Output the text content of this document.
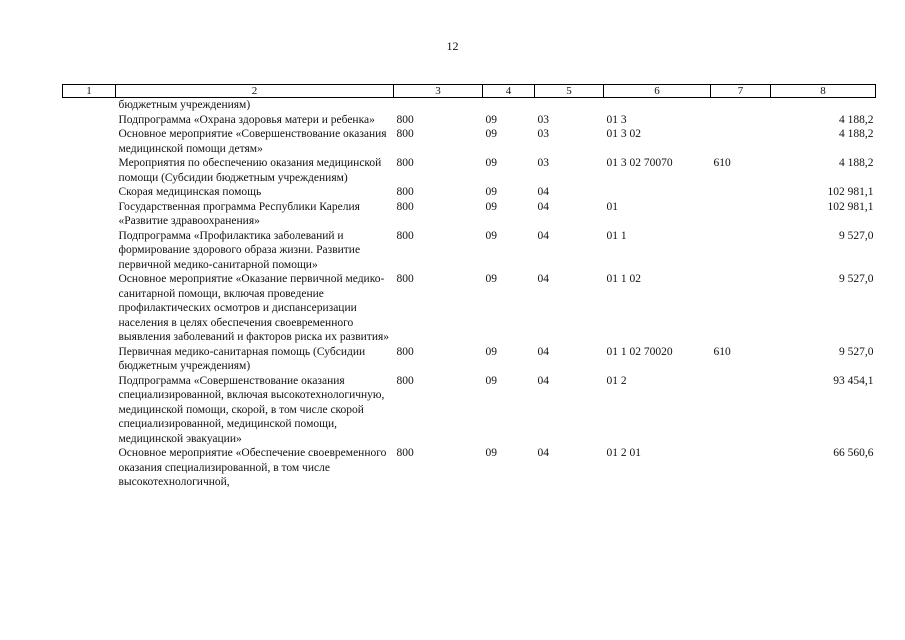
12
1	2	3	4	5	6	7	8
	бюджетным учреждениям)						
	Подпрограмма «Охрана здоровья матери и ребенка»	800	09	03	01 3		4 188,2
	Основное мероприятие «Совершенствование оказания медицинской помощи детям»	800	09	03	01 3 02		4 188,2
	Мероприятия по обеспечению оказания медицинской помощи (Субсидии бюджетным учреждениям)	800	09	03	01 3 02 70070	610	4 188,2
	Скорая медицинская помощь	800	09	04			102 981,1
	Государственная программа Республики Карелия «Развитие здравоохранения»	800	09	04	01		102 981,1
	Подпрограмма «Профилактика заболеваний и формирование здорового образа жизни. Развитие первичной медико-санитарной помощи»	800	09	04	01 1		9 527,0
	Основное мероприятие «Оказание первичной медико-санитарной помощи, включая проведение профилактических осмотров и диспансеризации населения в целях обеспечения своевременного выявления заболеваний и факторов риска их развития»	800	09	04	01 1 02		9 527,0
	Первичная медико-санитарная помощь (Субсидии бюджетным учреждениям)	800	09	04	01 1 02 70020	610	9 527,0
	Подпрограмма «Совершенствование оказания специализированной, включая высокотехнологичную, медицинской помощи, скорой, в том числе скорой специализированной, медицинской помощи, медицинской эвакуации»	800	09	04	01 2		93 454,1
	Основное мероприятие «Обеспечение своевременного оказания специализированной, в том числе высокотехнологичной,	800	09	04	01 2 01		66 560,6
